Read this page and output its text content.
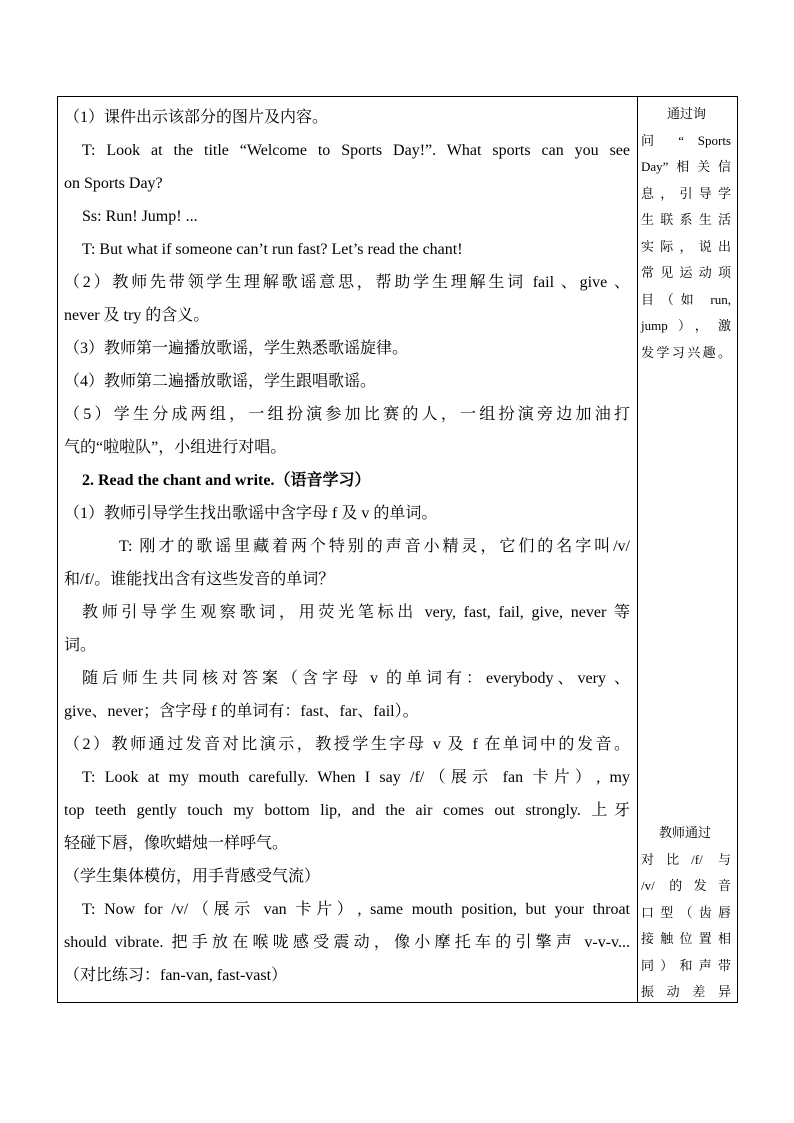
（1）课件出示该部分的图片及内容。
T: Look at the title “Welcome to Sports Day!”. What sports can you see
on Sports Day?
Ss: Run! Jump! ...
T: But what if someone can’t run fast? Let’s read the chant!
（2）教师先带领学生理解歌谣意思，帮助学生理解生词 fail 、give 、
never 及 try 的含义。
（3）教师第一遍播放歌谣，学生熟悉歌谣旋律。
（4）教师第二遍播放歌谣，学生跟唱歌谣。
（5）学生分成两组，一组扮演参加比赛的人，一组扮演旁边加油打
气的“啦啦队”，小组进行对唱。
2. Read the chant and write.（语音学习）
（1）教师引导学生找出歌谣中含字母 f 及 v 的单词。
T: 刚才的歌谣里藏着两个特别的声音小精灵，它们的名字叫/v/
和/f/。谁能找出含有这些发音的单词？
教师引导学生观察歌词，用荧光笔标出 very, fast, fail, give, never 等
词。
随后师生共同核对答案（含字母 v 的单词有：everybody、very 、
give、never；含字母 f 的单词有：fast、far、fail）。
（2）教师通过发音对比演示，教授学生字母 v 及 f 在单词中的发音。
T: Look at my mouth carefully. When I say /f/（展示 fan 卡片）, my
top teeth gently touch my bottom lip, and the air comes out strongly. 上牙
轻碰下唇，像吹蜡烛一样呼气。
（学生集体模仿，用手背感受气流）
T: Now for /v/（展示 van 卡片）, same mouth position, but your throat
should vibrate. 把手放在喉咙感受震动，像小摩托车的引擎声 v-v-v...
（对比练习：fan-van, fast-vast）
通过询
问 “ Sports
Day”相关信
息，引导学
生联系生活
实际，说出
常见运动项
目（如 run,
jump），激
发学习兴趣。
教师通过
对比/f/ 与
/v/ 的发音
口型（齿唇
接触位置相
同）和声带
振动差异
